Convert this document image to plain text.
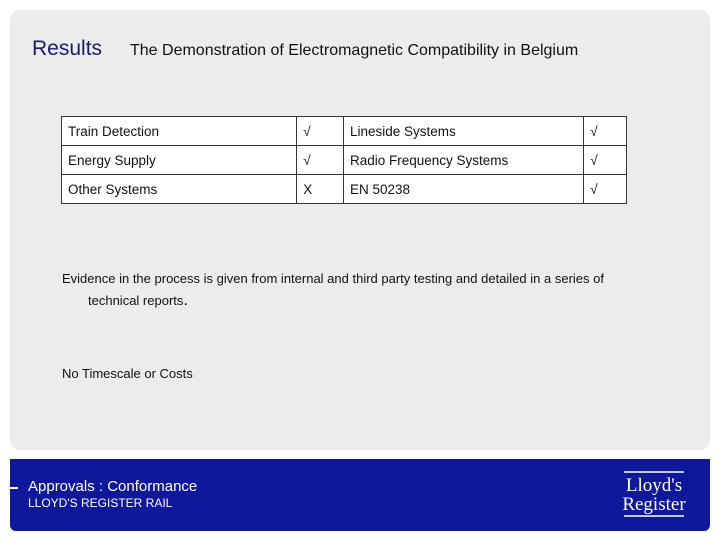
Results The Demonstration of Electromagnetic Compatibility in Belgium
Train Detection	√	Lineside Systems	√
Energy Supply	√	Radio Frequency Systems	√
Other Systems	X	EN 50238	√
Evidence in the process is given from internal and third party testing and detailed in a series of
technical reports.
No Timescale or Costs
Approvals : Conformance
LLOYD'S REGISTER RAIL
Lloyd's
Register
